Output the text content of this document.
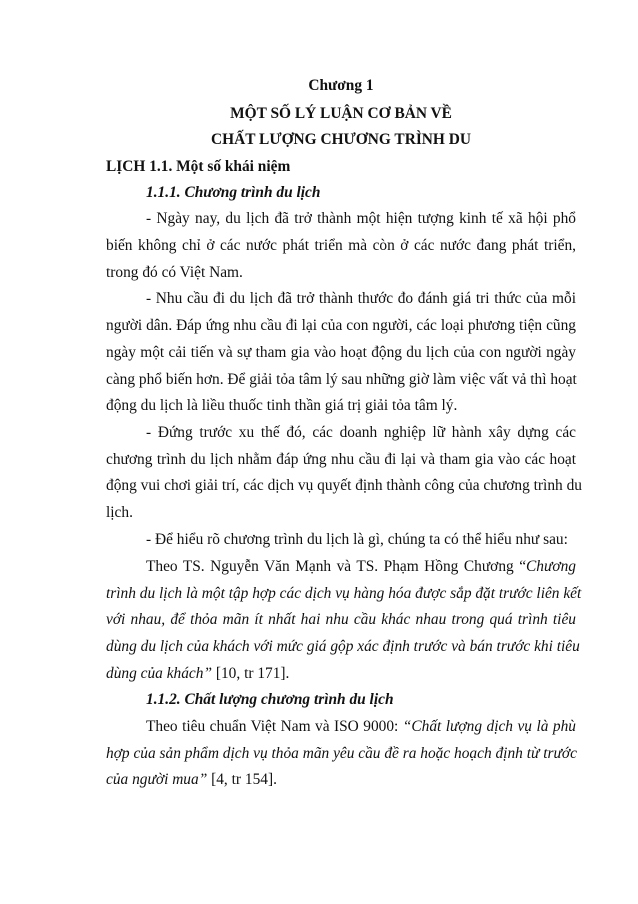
Chương 1
MỘT SỐ LÝ LUẬN CƠ BẢN VỀ
CHẤT LƯỢNG CHƯƠNG TRÌNH DU
LỊCH 1.1. Một số khái niệm
1.1.1. Chương trình du lịch
- Ngày nay, du lịch đã trở thành một hiện tượng kinh tế xã hội phổ
biến không chỉ ở các nước phát triển mà còn ở các nước đang phát triển,
trong đó có Việt Nam.
- Nhu cầu đi du lịch đã trở thành thước đo đánh giá tri thức của mỗi
người dân. Đáp ứng nhu cầu đi lại của con người, các loại phương tiện cũng
ngày một cải tiến và sự tham gia vào hoạt động du lịch của con người ngày
càng phổ biến hơn. Để giải tỏa tâm lý sau những giờ làm việc vất vả thì hoạt
động du lịch là liều thuốc tinh thần giá trị giải tỏa tâm lý.
- Đứng trước xu thế đó, các doanh nghiệp lữ hành xây dựng các
chương trình du lịch nhằm đáp ứng nhu cầu đi lại và tham gia vào các hoạt
động vui chơi giải trí, các dịch vụ quyết định thành công của chương trình du
lịch.
- Để hiểu rõ chương trình du lịch là gì, chúng ta có thể hiểu như sau:
Theo TS. Nguyễn Văn Mạnh và TS. Phạm Hồng Chương “Chương
trình du lịch là một tập hợp các dịch vụ hàng hóa được sắp đặt trước liên kết
với nhau, để thỏa mãn ít nhất hai nhu cầu khác nhau trong quá trình tiêu
dùng du lịch của khách với mức giá gộp xác định trước và bán trước khi tiêu
dùng của khách” [10, tr 171].
1.1.2. Chất lượng chương trình du lịch
Theo tiêu chuẩn Việt Nam và ISO 9000: “Chất lượng dịch vụ là phù
hợp của sản phẩm dịch vụ thỏa mãn yêu cầu đề ra hoặc hoạch định từ trước
của người mua” [4, tr 154].
